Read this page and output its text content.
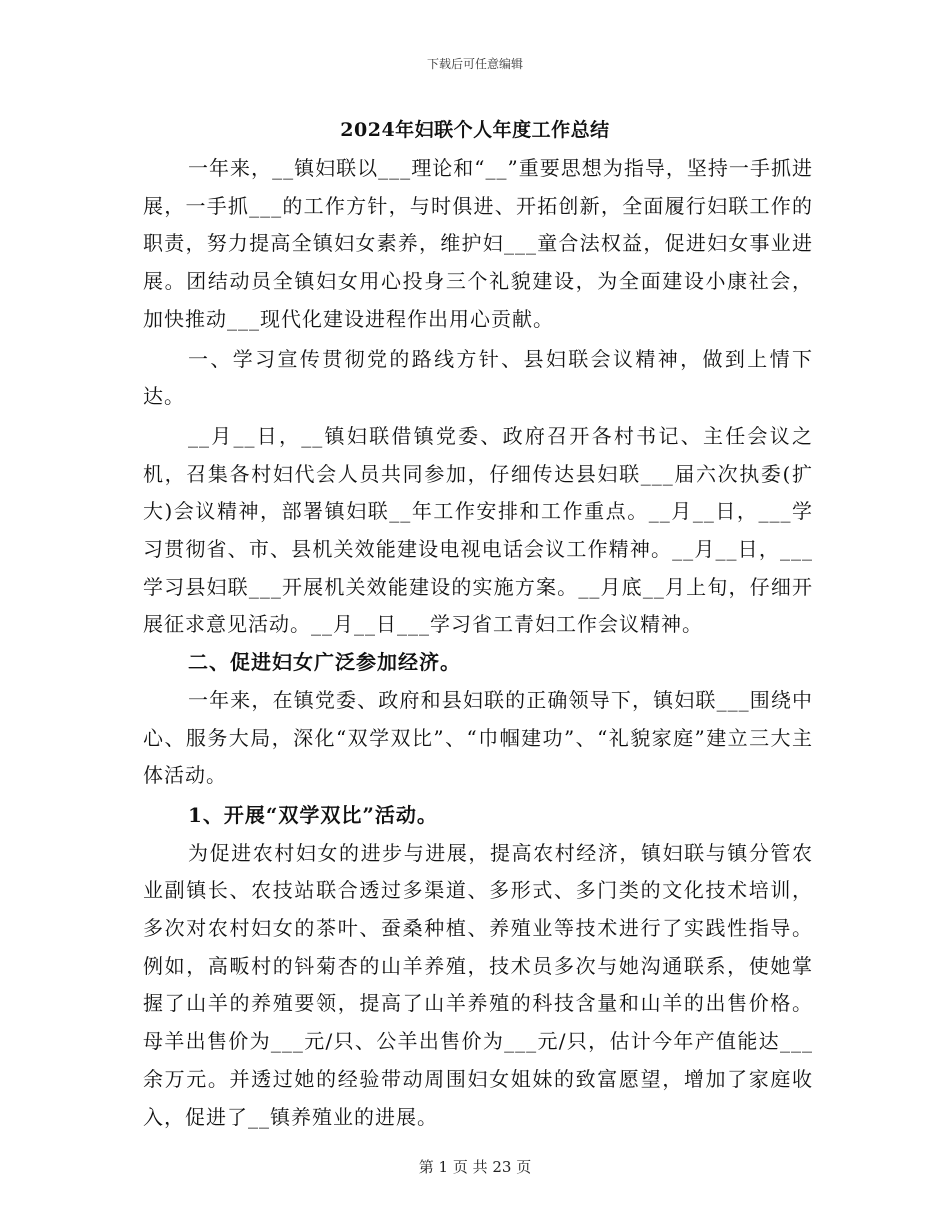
下载后可任意编辑
2024年妇联个人年度工作总结

一年来，__镇妇联以___理论和“__”重要思想为指导，坚持一手抓进展，一手抓___的工作方针，与时俱进、开拓创新，全面履行妇联工作的职责，努力提高全镇妇女素养，维护妇___童合法权益，促进妇女事业进展。团结动员全镇妇女用心投身三个礼貌建设，为全面建设小康社会，加快推动___现代化建设进程作出用心贡献。

一、学习宣传贯彻党的路线方针、县妇联会议精神，做到上情下达。

__月__日，__镇妇联借镇党委、政府召开各村书记、主任会议之机，召集各村妇代会人员共同参加，仔细传达县妇联___届六次执委(扩大)会议精神，部署镇妇联__年工作安排和工作重点。__月__日，___学习贯彻省、市、县机关效能建设电视电话会议工作精神。__月__日，___学习县妇联___开展机关效能建设的实施方案。__月底__月上旬，仔细开展征求意见活动。__月__日___学习省工青妇工作会议精神。

二、促进妇女广泛参加经济。

一年来，在镇党委、政府和县妇联的正确领导下，镇妇联___围绕中心、服务大局，深化“双学双比”、“巾帼建功”、“礼貌家庭”建立三大主体活动。

1、开展“双学双比”活动。

为促进农村妇女的进步与进展，提高农村经济，镇妇联与镇分管农业副镇长、农技站联合透过多渠道、多形式、多门类的文化技术培训，多次对农村妇女的茶叶、蚕桑种植、养殖业等技术进行了实践性指导。例如，高畈村的钭菊杏的山羊养殖，技术员多次与她沟通联系，使她掌握了山羊的养殖要领，提高了山羊养殖的科技含量和山羊的出售价格。母羊出售价为___元/只、公羊出售价为___元/只，估计今年产值能达___余万元。并透过她的经验带动周围妇女姐妹的致富愿望，增加了家庭收入，促进了__镇养殖业的进展。

第 1 页 共 23 页
